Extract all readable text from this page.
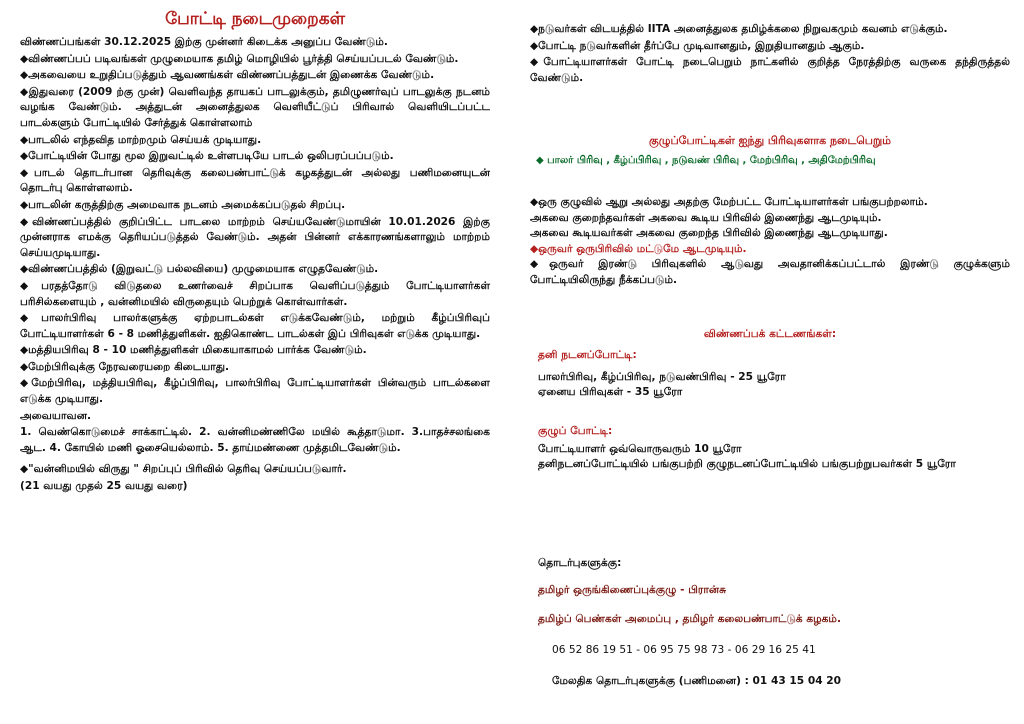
போட்டி நடைமுறைகள்

விண்ணப்பங்கள் 30.12.2025 இற்கு முன்னர் கிடைக்க அனுப்ப வேண்டும்.

◆விண்ணப்பப் படிவங்கள் முழுமையாக தமிழ் மொழியில் பூர்த்தி செய்யப்படல் வேண்டும்.

◆அகவையை உறுதிப்படுத்தும் ஆவணங்கள் விண்ணப்பத்துடன் இணைக்க வேண்டும்.

◆இதுவரை (2009 ற்கு முன்) வெளிவந்த தாயகப் பாடலுக்கும், தமிழுணர்வுப் பாடலுக்கு நடனம் வழங்க வேண்டும். அத்துடன் அனைத்துலக வெளியீட்டுப் பிரிவால் வெளியிடப்பட்ட பாடல்களும் போட்டியில் சேர்த்துக் கொள்ளலாம்

◆பாடலில் எந்தவித மாற்றமும் செய்யக் முடியாது.

◆போட்டியின் போது மூல இறுவட்டில் உள்ளபடியே பாடல் ஒலிபரப்பப்படும்.

◆பாடல் தொடர்பான தெரிவுக்கு கலைபண்பாட்டுக் கழகத்துடன் அல்லது பணிமனையுடன் தொடர்பு கொள்ளலாம்.

◆பாடலின் கருத்திற்கு அமைவாக நடனம் அமைக்கப்படுதல் சிறப்பு.

◆விண்ணப்பத்தில் குறிப்பிட்ட பாடலை மாற்றம் செய்யவேண்டுமாயின் 10.01.2026 இற்கு முன்னராக எமக்கு தெரியப்படுத்தல் வேண்டும். அதன் பின்னர் எக்காரணங்களாலும் மாற்றம் செய்யமுடியாது.

◆விண்ணப்பத்தில் (இறுவட்டு பல்லவியை) முழுமையாக எழுதவேண்டும்.

◆பரதத்தோடு விடுதலை உணர்வைச் சிறப்பாக வெளிப்படுத்தும் போட்டியாளர்கள் பரிசில்களையும் , வன்னிமயில் விருதையும் பெற்றுக் கொள்வார்கள்.

◆பாலர்பிரிவு பாலர்களுக்கு ஏற்றபாடல்கள் எடுக்கவேண்டும், மற்றும் கீழ்ப்பிரிவுப் போட்டியாளர்கள் 6 - 8 மணித்துளிகள். ஐதிகொண்ட பாடல்கள் இப் பிரிவுகள் எடுக்க முடியாது.

◆மத்தியபிரிவு 8 - 10 மணித்துளிகள் மிகையாகாமல் பார்க்க வேண்டும்.

◆மேற்பிரிவுக்கு நேரவரையறை கிடையாது.

◆மேற்பிரிவு, மத்தியபிரிவு, கீழ்ப்பிரிவு, பாலர்பிரிவு போட்டியாளர்கள் பின்வரும் பாடல்களை எடுக்க முடியாது.

அவையாவன.

1. வெண்கொடுமைச் சாக்காட்டில். 2. வன்னிமண்ணிலே மயில் கூத்தாடுமா. 3.பாதச்சலங்கை ஆட. 4. கோயில் மணி ஓசையெல்லாம். 5. தாய்மண்ணை முத்தமிடவேண்டும்.

◆"வன்னிமயில் விருது " சிறப்புப் பிரிவில் தெரிவு செய்யப்படுவார்.

(21 வயது முதல் 25 வயது வரை)

◆நடுவர்கள் விடயத்தில் IITA அனைத்துலக தமிழ்க்கலை நிறுவகமும் கவனம் எடுக்கும்.

◆போட்டி நடுவர்களின் தீர்ப்பே முடிவானதும், இறுதியானதும் ஆகும்.

◆போட்டியாளர்கள் போட்டி நடைபெறும் நாட்களில் குறித்த நேரத்திற்கு வருகை தந்திருத்தல் வேண்டும்.

குழுப்போட்டிகள் ஐந்து பிரிவுகளாக நடைபெறும்
◆ பாலர் பிரிவு , கீழ்ப்பிரிவு , நடுவண் பிரிவு , மேற்பிரிவு , அதிமேற்பிரிவு

◆ஒரு குழுவில் ஆறு அல்லது அதற்கு மேற்பட்ட போட்டியாளர்கள் பங்குபற்றலாம்.

அகவை குறைந்தவர்கள் அகவை கூடிய பிரிவில் இணைந்து ஆடமுடியும்.

அகவை கூடியவர்கள் அகவை குறைந்த பிரிவில் இணைந்து ஆடமுடியாது.

◆ஒருவர் ஒருபிரிவில் மட்டுமே ஆடமுடியும்.

◆ஒருவர் இரண்டு பிரிவுகளில் ஆடுவது அவதானிக்கப்பட்டால் இரண்டு குழுக்களும் போட்டியிலிருந்து நீக்கப்படும்.

விண்ணப்பக் கட்டணங்கள்:
தனி நடனப்போட்டி:
பாலர்பிரிவு, கீழ்ப்பிரிவு, நடுவண்பிரிவு - 25 யூரோ
ஏனைய பிரிவுகள் - 35 யூரோ
குழுப் போட்டி:
போட்டியாளர் ஒவ்வொருவரும் 10 யூரோ
தனிநடனப்போட்டியில் பங்குபற்றி குழுநடனப்போட்டியில் பங்குபற்றுபவர்கள் 5 யூரோ
தொடர்புகளுக்கு:
தமிழர் ஒருங்கிணைப்புக்குழு - பிரான்சு
தமிழ்ப் பெண்கள் அமைப்பு , தமிழர் கலைபண்பாட்டுக் கழகம்.
06 52 86 19 51 - 06 95 75 98 73 - 06 29 16 25 41
மேலதிக தொடர்புகளுக்கு (பணிமனை) : 01 43 15 04 20
